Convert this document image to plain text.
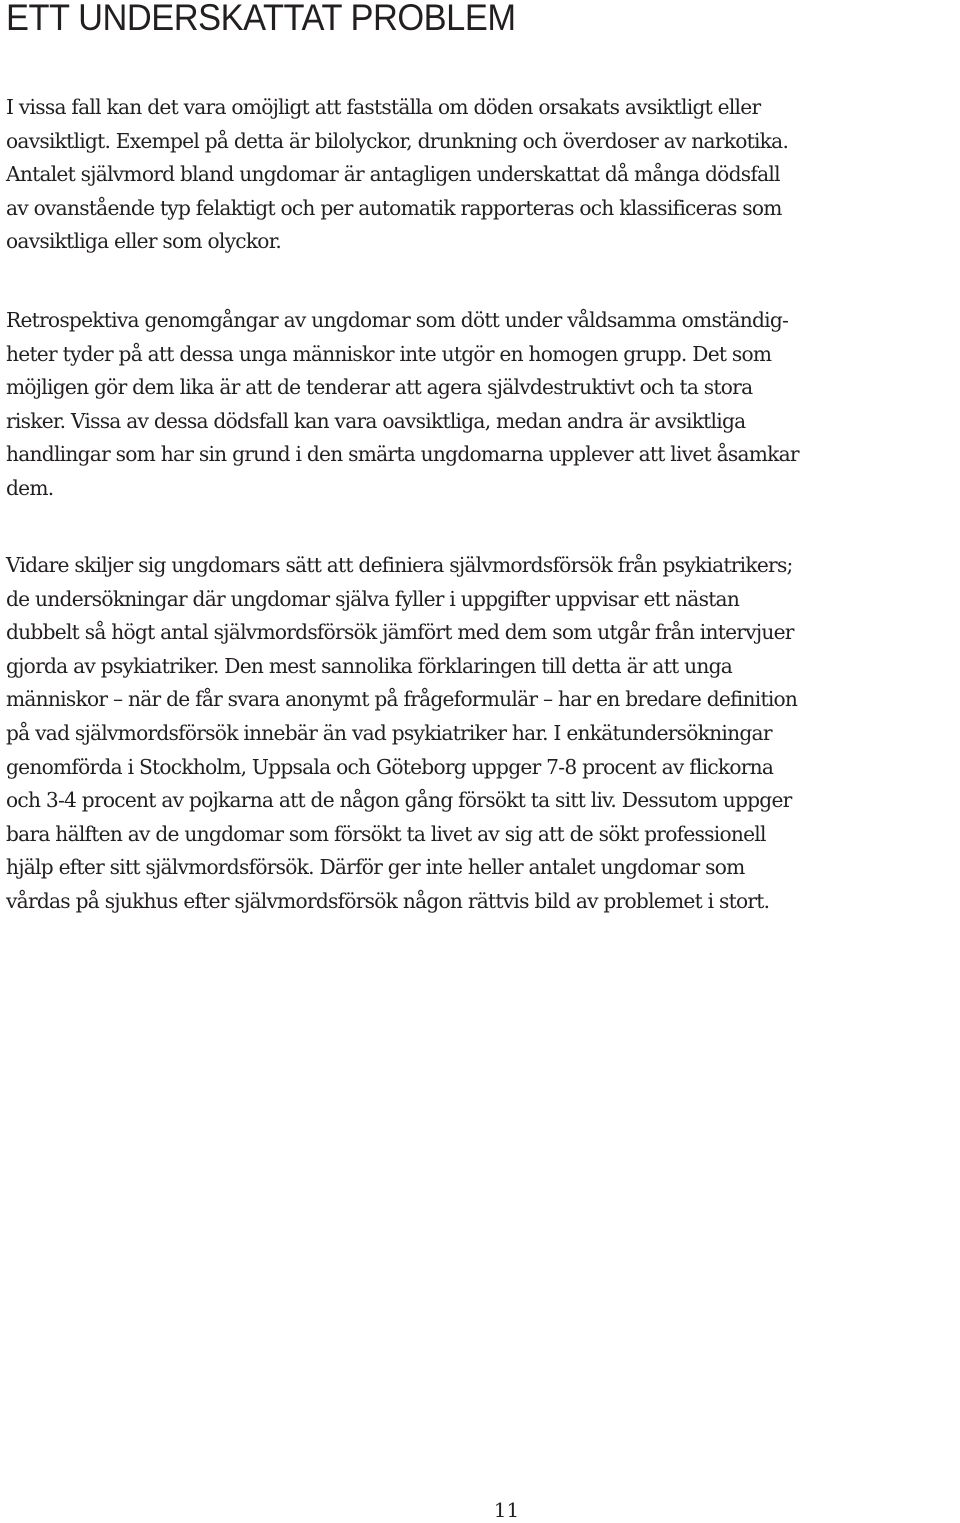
ETT UNDERSKATTAT PROBLEM

I vissa fall kan det vara omöjligt att fastställa om döden orsakats avsiktligt eller
oavsiktligt. Exempel på detta är bilolyckor, drunkning och överdoser av narkotika.
Antalet självmord bland ungdomar är antagligen underskattat då många dödsfall
av ovanstående typ felaktigt och per automatik rapporteras och klassificeras som
oavsiktliga eller som olyckor.

Retrospektiva genomgångar av ungdomar som dött under våldsamma omständig-
heter tyder på att dessa unga människor inte utgör en homogen grupp. Det som
möjligen gör dem lika är att de tenderar att agera självdestruktivt och ta stora
risker. Vissa av dessa dödsfall kan vara oavsiktliga, medan andra är avsiktliga
handlingar som har sin grund i den smärta ungdomarna upplever att livet åsamkar
dem.

Vidare skiljer sig ungdomars sätt att definiera självmordsförsök från psykiatrikers;
de undersökningar där ungdomar själva fyller i uppgifter uppvisar ett nästan
dubbelt så högt antal självmordsförsök jämfört med dem som utgår från intervjuer
gjorda av psykiatriker. Den mest sannolika förklaringen till detta är att unga
människor – när de får svara anonymt på frågeformulär – har en bredare definition
på vad självmordsförsök innebär än vad psykiatriker har. I enkätundersökningar
genomförda i Stockholm, Uppsala och Göteborg uppger 7-8 procent av flickorna
och 3-4 procent av pojkarna att de någon gång försökt ta sitt liv. Dessutom uppger
bara hälften av de ungdomar som försökt ta livet av sig att de sökt professionell
hjälp efter sitt självmordsförsök. Därför ger inte heller antalet ungdomar som
vårdas på sjukhus efter självmordsförsök någon rättvis bild av problemet i stort.

11
